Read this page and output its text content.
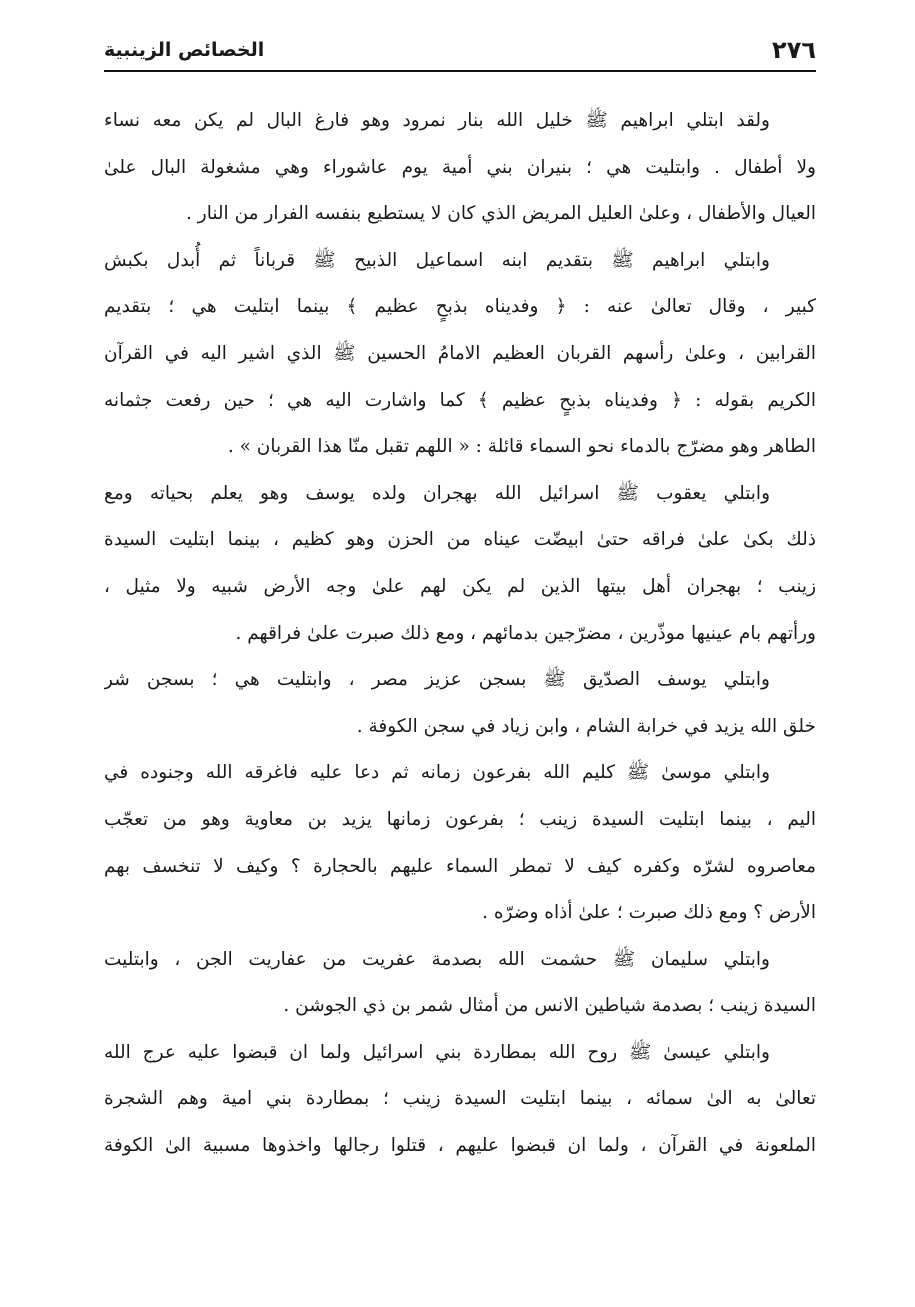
٢٧٦
الخصائص الزينبية
ولقد ابتلي ابراهيم ﷺ خليل الله بنار نمرود وهو فارغ البال لم يكن معه نساء
ولا أطفال . وابتليت هي ؛ بنيران بني أمية يوم عاشوراء وهي مشغولة البال علىٰ
العيال والأطفال ، وعلىٰ العليل المريض الذي كان لا يستطيع بنفسه الفرار من النار .
وابتلي ابراهيم ﷺ بتقديم ابنه اسماعيل الذبيح ﷺ قرباناً ثم أُبدل بكبش
كبير ، وقال تعالىٰ عنه : ﴿ وفديناه بذبحٍ عظيم ﴾ بينما ابتليت هي ؛ بتقديم
القرابين ، وعلىٰ رأسهم القربان العظيم الامامُ الحسين ﷺ الذي اشير اليه في القرآن
الكريم بقوله : ﴿ وفديناه بذبحٍ عظيم ﴾ كما واشارت اليه هي ؛ حين رفعت جثمانه
الطاهر وهو مضرّج بالدماء نحو السماء قائلة : « اللهم تقبل منّا هذا القربان » .
وابتلي يعقوب ﷺ اسرائيل الله بهجران ولده يوسف وهو يعلم بحياته ومع
ذلك بكىٰ علىٰ فراقه حتىٰ ابيضّت عيناه من الحزن وهو كظيم ، بينما ابتليت السيدة
زينب ؛ بهجران أهل بيتها الذين لم يكن لهم علىٰ وجه الأرض شبيه ولا مثيل ،
ورأتهم بام عينيها موذّرين ، مضرّجين بدمائهم ، ومع ذلك صبرت علىٰ فراقهم .
وابتلي يوسف الصدّيق ﷺ بسجن عزيز مصر ، وابتليت هي ؛ بسجن شر
خلق الله يزيد في خرابة الشام ، وابن زياد في سجن الكوفة .
وابتلي موسىٰ ﷺ كليم الله بفرعون زمانه ثم دعا عليه فاغرقه الله وجنوده في
اليم ، بينما ابتليت السيدة زينب ؛ بفرعون زمانها يزيد بن معاوية وهو من تعجّب
معاصروه لشرّه وكفره كيف لا تمطر السماء عليهم بالحجارة ؟ وكيف لا تنخسف بهم
الأرض ؟ ومع ذلك صبرت ؛ علىٰ أذاه وضرّه .
وابتلي سليمان ﷺ حشمت الله بصدمة عفريت من عفاريت الجن ، وابتليت
السيدة زينب ؛ بصدمة شياطين الانس من أمثال شمر بن ذي الجوشن .
وابتلي عيسىٰ ﷺ روح الله بمطاردة بني اسرائيل ولما ان قبضوا عليه عرج الله
تعالىٰ به الىٰ سمائه ، بينما ابتليت السيدة زينب ؛ بمطاردة بني امية وهم الشجرة
الملعونة في القرآن ، ولما ان قبضوا عليهم ، قتلوا رجالها واخذوها مسبية الىٰ الكوفة
